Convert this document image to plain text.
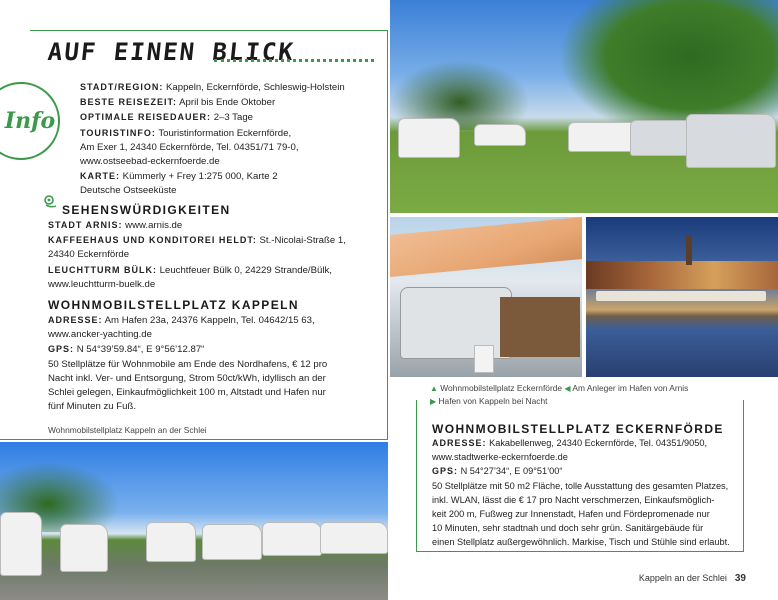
AUF EINEN BLICK
Info
STADT/REGION: Kappeln, Eckernförde, Schleswig-Holstein
BESTE REISEZEIT: April bis Ende Oktober
OPTIMALE REISEDAUER: 2–3 Tage
TOURISTINFO: Touristinformation Eckernförde,
Am Exer 1, 24340 Eckernförde, Tel. 04351/71 79-0,
www.ostseebad-eckernfoerde.de
KARTE: Kümmerly + Frey 1:275 000, Karte 2
Deutsche Ostseeküste
SEHENSWÜRDIGKEITEN
STADT ARNIS: www.arnis.de
KAFFEEHAUS UND KONDITOREI HELDT: St.-Nicolai-Straße 1,
24340 Eckernförde
LEUCHTTURM BÜLK: Leuchtfeuer Bülk 0, 24229 Strande/Bülk,
www.leuchtturm-buelk.de
WOHNMOBILSTELLPLATZ KAPPELN
ADRESSE: Am Hafen 23a, 24376 Kappeln, Tel. 04642/15 63,
www.ancker-yachting.de
GPS: N 54°39’59.84“, E 9°56’12.87“
50 Stellplätze für Wohnmobile am Ende des Nordhafens, € 12 pro
Nacht inkl. Ver- und Entsorgung, Strom 50ct/kWh, idyllisch an der
Schlei gelegen, Einkaufmöglichkeit 100 m, Altstadt und Hafen nur
fünf Minuten zu Fuß.
Wohnmobilstellplatz Kappeln an der Schlei
▲ Wohnmobilstellplatz Eckernförde ◀ Am Anleger im Hafen von Arnis
▶ Hafen von Kappeln bei Nacht
WOHNMOBILSTELLPLATZ ECKERNFÖRDE
ADRESSE: Kakabellenweg, 24340 Eckernförde, Tel. 04351/9050,
www.stadtwerke-eckernfoerde.de
GPS: N 54°27’34“, E 09°51’00“
50 Stellplätze mit 50 m2 Fläche, tolle Ausstattung des gesamten Platzes,
inkl. WLAN, lässt die € 17 pro Nacht verschmerzen, Einkaufsmöglich-
keit 200 m, Fußweg zur Innenstadt, Hafen und Fördepromenade nur
10 Minuten, sehr stadtnah und doch sehr grün. Sanitärgebäude für
einen Stellplatz außergewöhnlich. Markise, Tisch und Stühle sind erlaubt.
Kappeln an der Schlei 39
